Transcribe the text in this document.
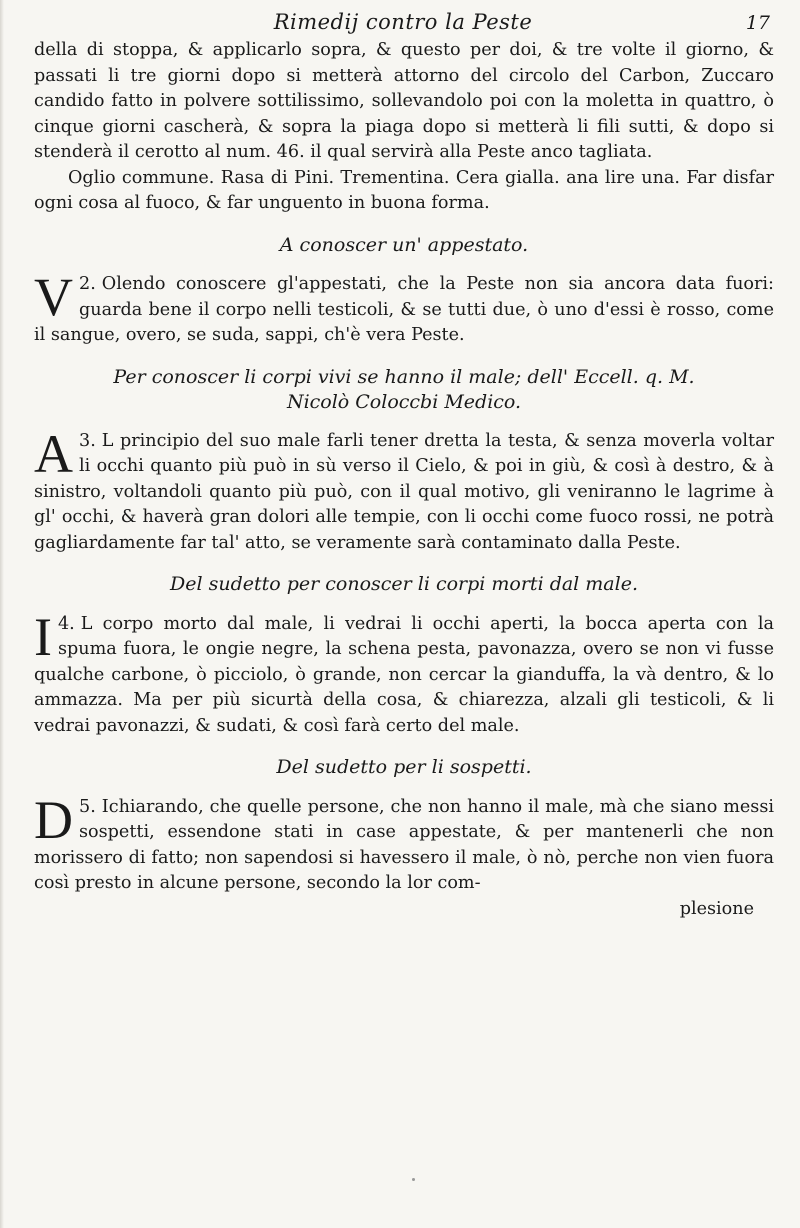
Rimedij contro la Peste	17

della di stoppa, & applicarlo sopra, & questo per doi, & tre volte il giorno, & passati li tre giorni dopo si metterà attorno del circolo del Carbon, Zuccaro candido fatto in polvere sottilissimo, sollevandolo poi con la moletta in quattro, ò cinque giorni cascherà, & sopra la piaga dopo si metterà li fili sutti, & dopo si stenderà il cerotto al num. 46. il qual servirà alla Peste anco tagliata.

Oglio commune. Rasa di Pini. Trementina. Cera gialla. ana lire una. Far disfar ogni cosa al fuoco, & far unguento in buona forma.

A conoscer un' appestato.
2.
V Olendo conoscere gl'appestati, che la Peste non sia ancora data fuori: guarda bene il corpo nelli testicoli, & se tutti due, ò uno d'essi è rosso, come il sangue, overo, se suda, sappi, ch'è vera Peste.
Per conoscer li corpi vivi se hanno il male; dell' Eccell. q. M.
Nicolò Coloccbi Medico.
3.
A L principio del suo male farli tener dretta la testa, & senza moverla voltar li occhi quanto più può in sù verso il Cielo, & poi in giù, & così à destro, & à sinistro, voltandoli quanto più può, con il qual motivo, gli veniranno le lagrime à gl' occhi, & haverà gran dolori alle tempie, con li occhi come fuoco rossi, ne potrà gagliardamente far tal' atto, se veramente sarà contaminato dalla Peste.
Del sudetto per conoscer li corpi morti dal male.
4.
I L corpo morto dal male, li vedrai li occhi aperti, la bocca aperta con la spuma fuora, le ongie negre, la schena pesta, pavonazza, overo se non vi fusse qualche carbone, ò picciolo, ò grande, non cercar la gianduffa, la và dentro, & lo ammazza. Ma per più sicurtà della cosa, & chiarezza, alzali gli testicoli, & li vedrai pavonazzi, & sudati, & così farà certo del male.
Del sudetto per li sospetti.
5.
D Ichiarando, che quelle persone, che non hanno il male, mà che siano messi sospetti, essendone stati in case appestate, & per mantenerli che non morissero di fatto; non sapendosi si havessero il male, ò nò, perche non vien fuora così presto in alcune persone, secondo la lor com-
plesione
